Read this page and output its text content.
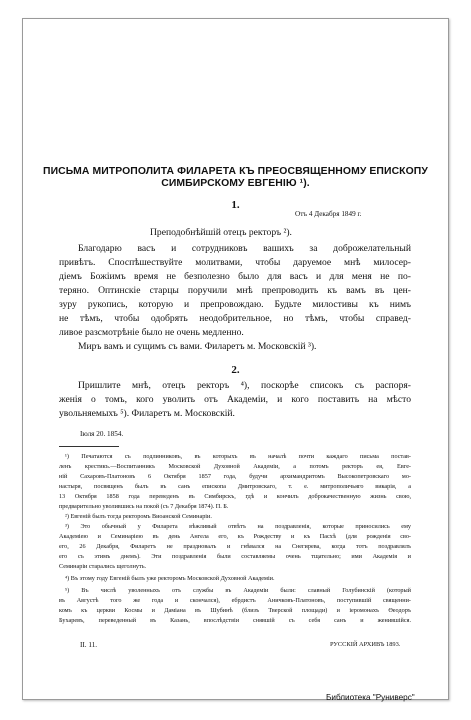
ПИСЬМА МИТРОПОЛИТА ФИЛАРЕТА КЪ ПРЕОСВЯЩЕННОМУ ЕПИСКОПУ
СИМБИРСКОМУ ЕВГЕНІЮ ¹).
1.
Отъ 4 Декабря 1849 г.
Преподобнѣйшій отецъ ректоръ ²).
Благодарю васъ и сотрудниковъ вашихъ за доброжелательный
привѣтъ. Споспѣшествуйте молитвами, чтобы даруемое мнѣ милосер-
діемъ Божіимъ время не безполезно было для васъ и для меня не по-
теряно. Оптинскіе старцы поручили мнѣ препроводить къ вамъ въ цен-
зуру рукопись, которую и препровождаю. Будьте милостивы къ нимъ
не тѣмъ, чтобы одобрять неодобрительное, но тѣмъ, чтобы справед-
ливое разсмотрѣніе было не очень медленно.
Миръ вамъ и сущимъ съ вами. Филаретъ м. Московскій ³).
2.
Пришлите мнѣ, отецъ ректоръ ⁴), поскорѣе списокъ съ распоря-
женія о томъ, кого уволить отъ Академіи, и кого поставить на мѣсто
увольняемыхъ ⁵). Филаретъ м. Московскій.
Іюля 20. 1854.
¹) Печатаются съ подлинниковъ, въ которыхъ въ началѣ почти каждаго письма постав-
ленъ крестикъ.—Воспитанникъ Московской Духовной Академіи, а потомъ ректоръ ея, Евге-
ній Сахаровъ-Платоновъ 6 Октября 1857 года, будучи архимандритомъ Высокопетровскаго мо-
настыря, посвященъ былъ въ санъ епископа Дмитровскаго, т. е. митрополичьяго викарія, а
13 Октября 1858 года переведенъ въ Симбирскъ, гдѣ и кончилъ доброкачественную жизнь свою,
предварительно уволившись на покой (съ 7 Декабря 1874). П. Б.
²) Евгеній былъ тогда ректоромъ Виоанской Семинаріи.
³) Это обычный у Филарета вѣжливый отвѣтъ на поздравленія, которые приносились ему
Академіею и Семинаріею въ день Ангела его, къ Рождеству и къ Пасхѣ (для рожденія сво-
его, 26 Декабря, Филаретъ не праздновалъ и гнѣвался на Снегирева, когда тотъ поздравлялъ
его съ этимъ днемъ). Эти поздравленія были составляемы очень тщательно; ими Академія и
Семинаріи старались щеголнуть.
⁴) Въ этому году Евгеній былъ уже ректоромъ Московской Духовной Академіи.
⁵) Въ числѣ уволенныхъ отъ службы въ Академіи были: славный Голубинскій (который
въ Августѣ того же года и скончался), ебрдистъ Аничковъ-Платоновъ, поступившій священни-
комъ къ церкви Космы и Даміана въ Шубинѣ (близъ Тверской площади) и іеромонахъ Өеодоръ
Бухаревъ, переведенный въ Казань, впослѣдствіи снявшій съ себя санъ и женившійся.
II. 11.	РУССКІЙ АРХИВЪ 1893.
Библиотека "Руниверс"
